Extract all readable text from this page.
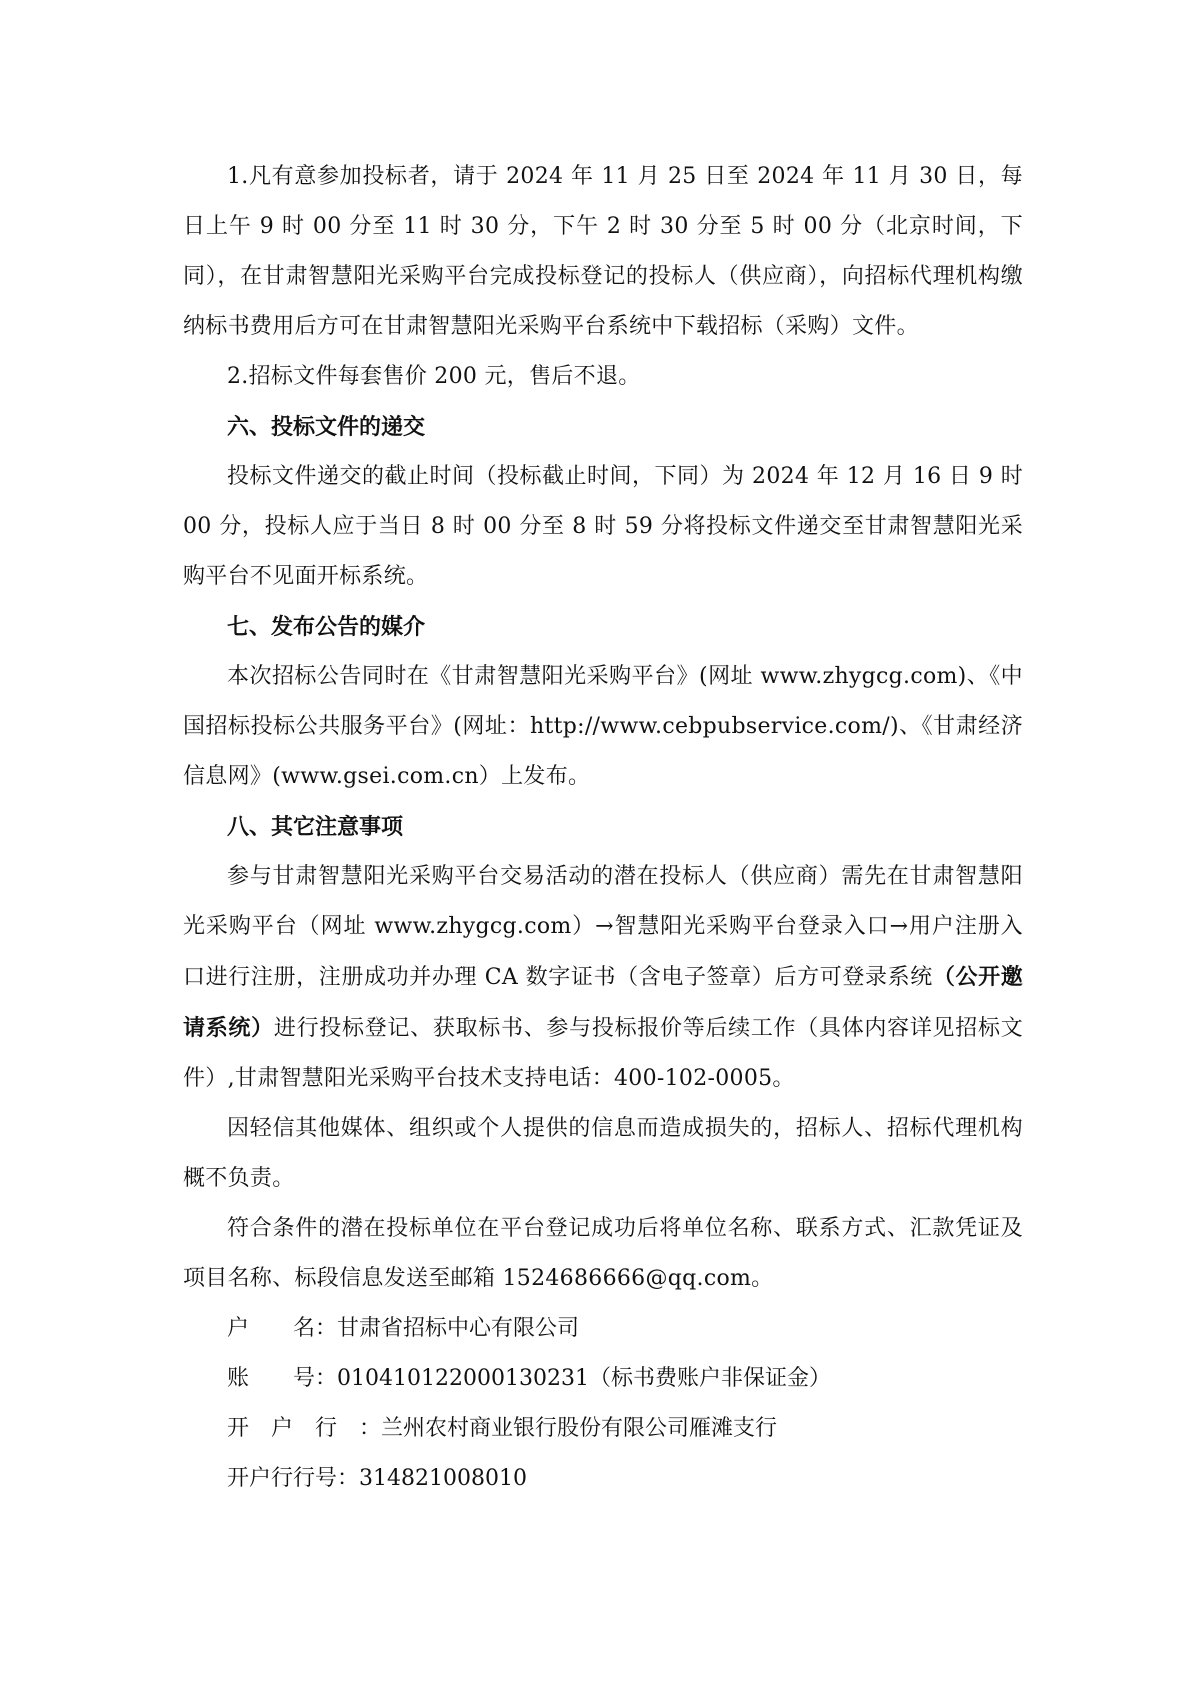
1.凡有意参加投标者，请于 2024 年 11 月 25 日至 2024 年 11 月 30 日，每日上午 9 时 00 分至 11 时 30 分，下午 2 时 30 分至 5 时 00 分（北京时间，下同），在甘肃智慧阳光采购平台完成投标登记的投标人（供应商），向招标代理机构缴纳标书费用后方可在甘肃智慧阳光采购平台系统中下载招标（采购）文件。

2.招标文件每套售价 200 元，售后不退。

六、投标文件的递交

投标文件递交的截止时间（投标截止时间，下同）为 2024 年 12 月 16 日 9 时 00 分，投标人应于当日 8 时 00 分至 8 时 59 分将投标文件递交至甘肃智慧阳光采购平台不见面开标系统。

七、发布公告的媒介

本次招标公告同时在《甘肃智慧阳光采购平台》(网址 www.zhygcg.com)、《中国招标投标公共服务平台》(网址：http://www.cebpubservice.com/)、《甘肃经济信息网》(www.gsei.com.cn）上发布。

八、其它注意事项

参与甘肃智慧阳光采购平台交易活动的潜在投标人（供应商）需先在甘肃智慧阳光采购平台（网址 www.zhygcg.com）→智慧阳光采购平台登录入口→用户注册入口进行注册，注册成功并办理 CA 数字证书（含电子签章）后方可登录系统（公开邀请系统）进行投标登记、获取标书、参与投标报价等后续工作（具体内容详见招标文件）,甘肃智慧阳光采购平台技术支持电话：400-102-0005。

因轻信其他媒体、组织或个人提供的信息而造成损失的，招标人、招标代理机构概不负责。

符合条件的潜在投标单位在平台登记成功后将单位名称、联系方式、汇款凭证及项目名称、标段信息发送至邮箱 1524686666@qq.com。

户　　名：甘肃省招标中心有限公司

账　　号：010410122000130231（标书费账户非保证金）

开　户　行　：兰州农村商业银行股份有限公司雁滩支行

开户行行号：314821008010
